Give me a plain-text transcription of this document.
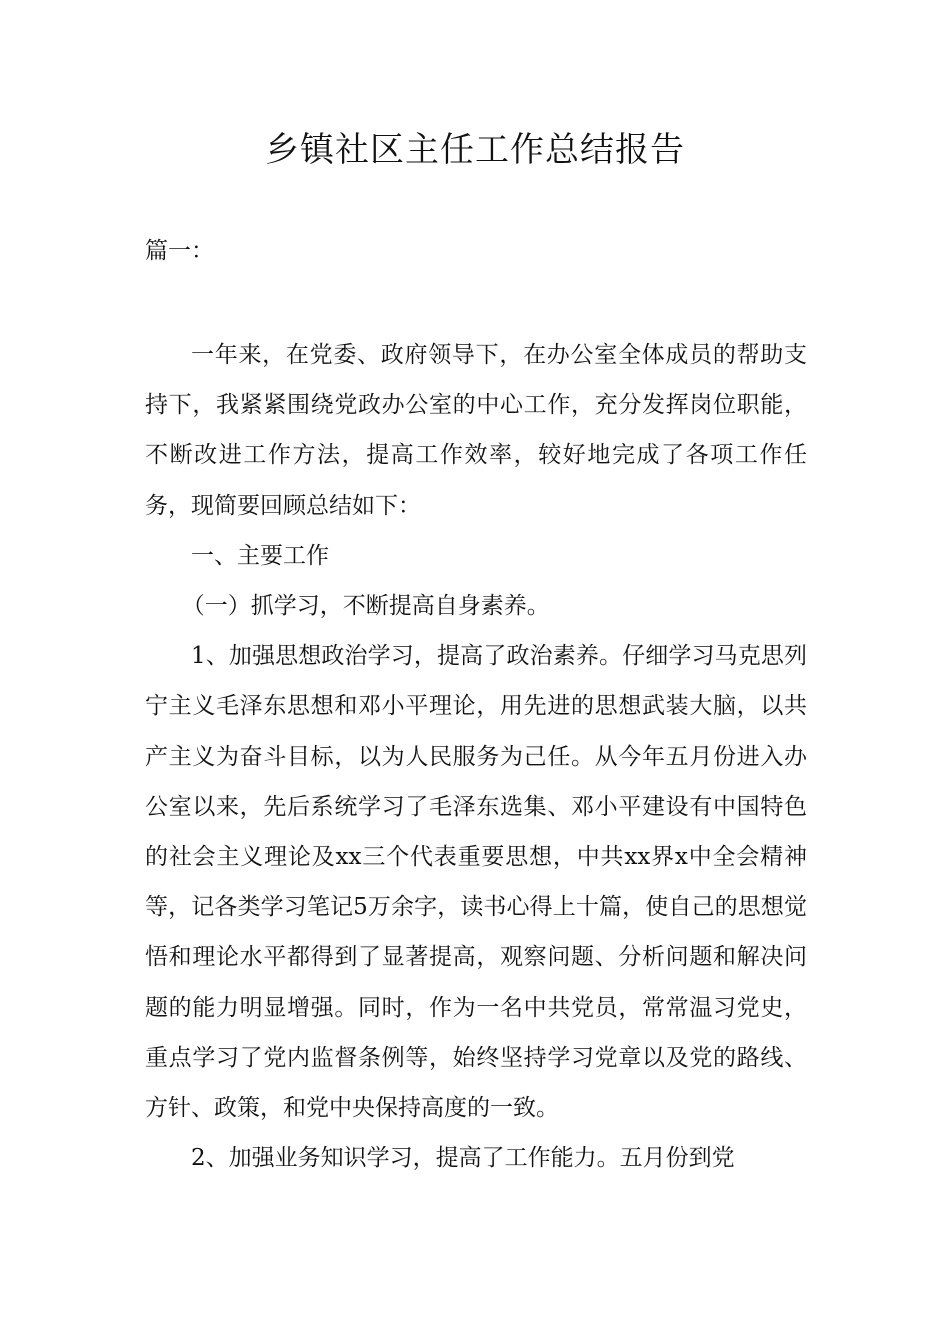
乡镇社区主任工作总结报告
篇一：

一年来，在党委、政府领导下，在办公室全体成员的帮助支持下，我紧紧围绕党政办公室的中心工作，充分发挥岗位职能，不断改进工作方法，提高工作效率，较好地完成了各项工作任务，现简要回顾总结如下：

一、主要工作

（一）抓学习，不断提高自身素养。

1、加强思想政治学习，提高了政治素养。仔细学习马克思列宁主义毛泽东思想和邓小平理论，用先进的思想武装大脑，以共产主义为奋斗目标，以为人民服务为己任。从今年五月份进入办公室以来，先后系统学习了毛泽东选集、邓小平建设有中国特色的社会主义理论及xx三个代表重要思想，中共xx界x中全会精神等，记各类学习笔记5万余字，读书心得上十篇，使自己的思想觉悟和理论水平都得到了显著提高，观察问题、分析问题和解决问题的能力明显增强。同时，作为一名中共党员，常常温习党史，重点学习了党内监督条例等，始终坚持学习党章以及党的路线、方针、政策，和党中央保持高度的一致。

2、加强业务知识学习，提高了工作能力。五月份到党
